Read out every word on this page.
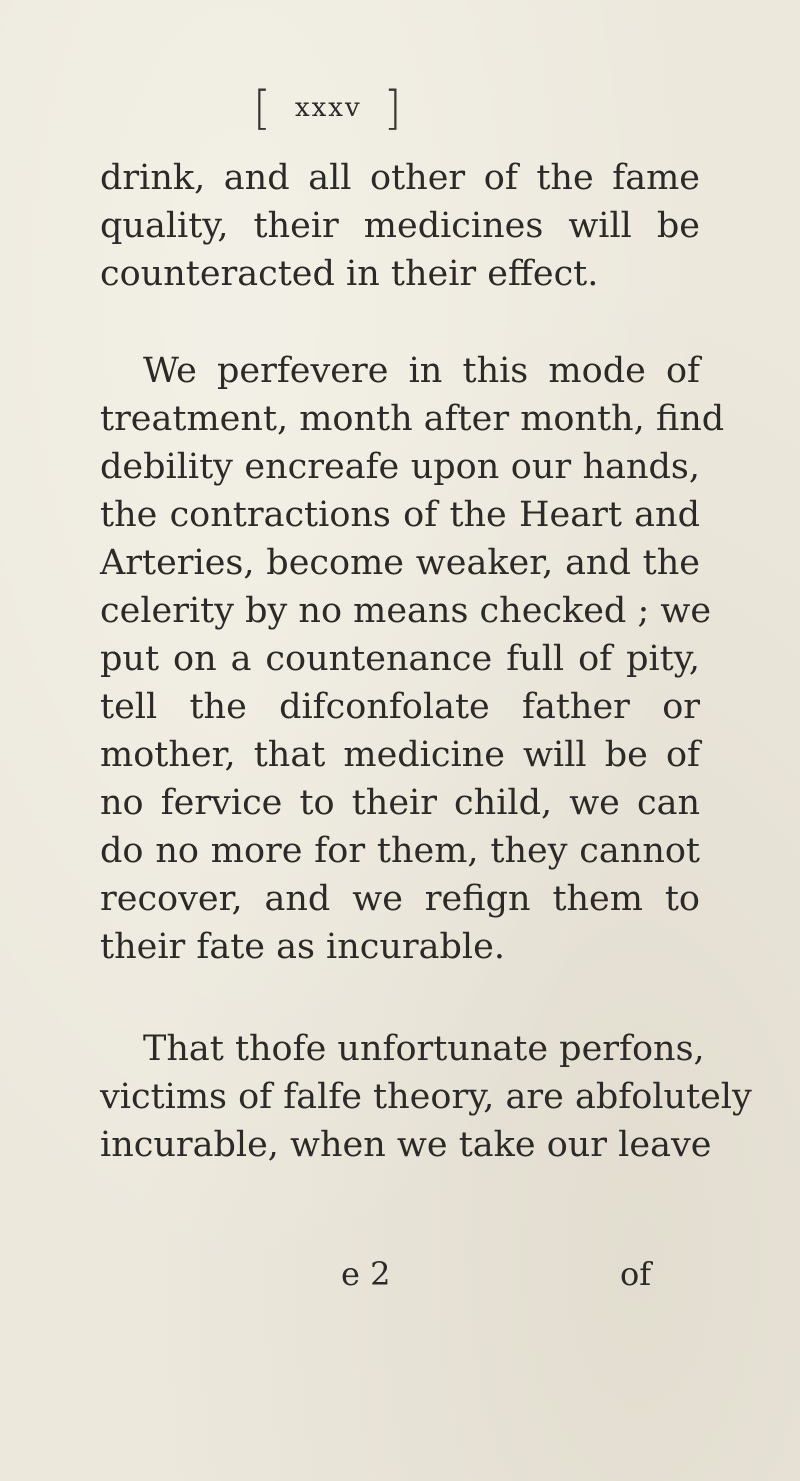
[ xxxv ]
drink, and all other of the fame
quality, their medicines will be
counteracted in their effect.
We perfevere in this mode of
treatment, month after month, find
debility encreafe upon our hands,
the contractions of the Heart and
Arteries, become weaker, and the
celerity by no means checked ; we
put on a countenance full of pity,
tell the difconfolate father or
mother, that medicine will be of
no fervice to their child, we can
do no more for them, they cannot
recover, and we refign them to
their fate as incurable.
That thofe unfortunate perfons,
victims of falfe theory, are abfolutely
incurable, when we take our leave
e 2	of
